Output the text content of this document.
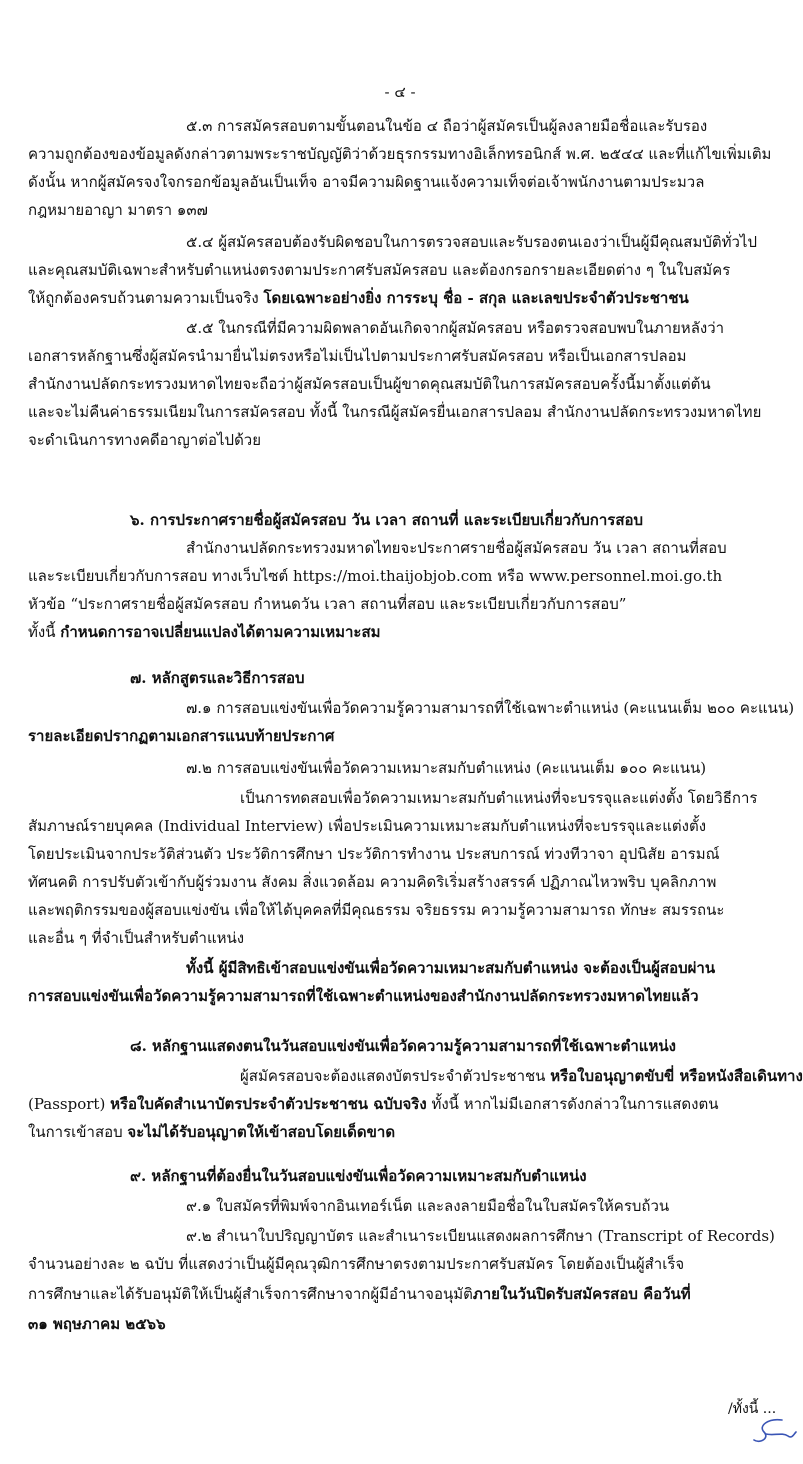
- ๔ -
๕.๓ การสมัครสอบตามขั้นตอนในข้อ ๔ ถือว่าผู้สมัครเป็นผู้ลงลายมือชื่อและรับรอง
ความถูกต้องของข้อมูลดังกล่าวตามพระราชบัญญัติว่าด้วยธุรกรรมทางอิเล็กทรอนิกส์ พ.ศ. ๒๕๔๔ และที่แก้ไขเพิ่มเติม
ดังนั้น หากผู้สมัครจงใจกรอกข้อมูลอันเป็นเท็จ อาจมีความผิดฐานแจ้งความเท็จต่อเจ้าพนักงานตามประมวล
กฎหมายอาญา มาตรา ๑๓๗
๕.๔ ผู้สมัครสอบต้องรับผิดชอบในการตรวจสอบและรับรองตนเองว่าเป็นผู้มีคุณสมบัติทั่วไป
และคุณสมบัติเฉพาะสำหรับตำแหน่งตรงตามประกาศรับสมัครสอบ และต้องกรอกรายละเอียดต่าง ๆ ในใบสมัคร
ให้ถูกต้องครบถ้วนตามความเป็นจริง โดยเฉพาะอย่างยิ่ง การระบุ ชื่อ - สกุล และเลขประจำตัวประชาชน
๕.๕ ในกรณีที่มีความผิดพลาดอันเกิดจากผู้สมัครสอบ หรือตรวจสอบพบในภายหลังว่า
เอกสารหลักฐานซึ่งผู้สมัครนำมายื่นไม่ตรงหรือไม่เป็นไปตามประกาศรับสมัครสอบ หรือเป็นเอกสารปลอม
สำนักงานปลัดกระทรวงมหาดไทยจะถือว่าผู้สมัครสอบเป็นผู้ขาดคุณสมบัติในการสมัครสอบครั้งนี้มาตั้งแต่ต้น
และจะไม่คืนค่าธรรมเนียมในการสมัครสอบ ทั้งนี้ ในกรณีผู้สมัครยื่นเอกสารปลอม สำนักงานปลัดกระทรวงมหาดไทย
จะดำเนินการทางคดีอาญาต่อไปด้วย
๖. การประกาศรายชื่อผู้สมัครสอบ วัน เวลา สถานที่ และระเบียบเกี่ยวกับการสอบ
สำนักงานปลัดกระทรวงมหาดไทยจะประกาศรายชื่อผู้สมัครสอบ วัน เวลา สถานที่สอบ
และระเบียบเกี่ยวกับการสอบ ทางเว็บไซต์ https://moi.thaijobjob.com หรือ www.personnel.moi.go.th
หัวข้อ “ประกาศรายชื่อผู้สมัครสอบ กำหนดวัน เวลา สถานที่สอบ และระเบียบเกี่ยวกับการสอบ”
ทั้งนี้ กำหนดการอาจเปลี่ยนแปลงได้ตามความเหมาะสม
๗. หลักสูตรและวิธีการสอบ
๗.๑ การสอบแข่งขันเพื่อวัดความรู้ความสามารถที่ใช้เฉพาะตำแหน่ง (คะแนนเต็ม ๒๐๐ คะแนน)
รายละเอียดปรากฏตามเอกสารแนบท้ายประกาศ
๗.๒ การสอบแข่งขันเพื่อวัดความเหมาะสมกับตำแหน่ง (คะแนนเต็ม ๑๐๐ คะแนน)
เป็นการทดสอบเพื่อวัดความเหมาะสมกับตำแหน่งที่จะบรรจุและแต่งตั้ง โดยวิธีการ
สัมภาษณ์รายบุคคล (Individual Interview) เพื่อประเมินความเหมาะสมกับตำแหน่งที่จะบรรจุและแต่งตั้ง
โดยประเมินจากประวัติส่วนตัว ประวัติการศึกษา ประวัติการทำงาน ประสบการณ์ ท่วงทีวาจา อุปนิสัย อารมณ์
ทัศนคติ การปรับตัวเข้ากับผู้ร่วมงาน สังคม สิ่งแวดล้อม ความคิดริเริ่มสร้างสรรค์ ปฏิภาณไหวพริบ บุคลิกภาพ
และพฤติกรรมของผู้สอบแข่งขัน เพื่อให้ได้บุคคลที่มีคุณธรรม จริยธรรม ความรู้ความสามารถ ทักษะ สมรรถนะ
และอื่น ๆ ที่จำเป็นสำหรับตำแหน่ง
ทั้งนี้ ผู้มีสิทธิเข้าสอบแข่งขันเพื่อวัดความเหมาะสมกับตำแหน่ง จะต้องเป็นผู้สอบผ่าน
การสอบแข่งขันเพื่อวัดความรู้ความสามารถที่ใช้เฉพาะตำแหน่งของสำนักงานปลัดกระทรวงมหาดไทยแล้ว
๘. หลักฐานแสดงตนในวันสอบแข่งขันเพื่อวัดความรู้ความสามารถที่ใช้เฉพาะตำแหน่ง
ผู้สมัครสอบจะต้องแสดงบัตรประจำตัวประชาชน หรือใบอนุญาตขับขี่ หรือหนังสือเดินทาง
(Passport) หรือใบคัดสำเนาบัตรประจำตัวประชาชน ฉบับจริง ทั้งนี้ หากไม่มีเอกสารดังกล่าวในการแสดงตน
ในการเข้าสอบ จะไม่ได้รับอนุญาตให้เข้าสอบโดยเด็ดขาด
๙. หลักฐานที่ต้องยื่นในวันสอบแข่งขันเพื่อวัดความเหมาะสมกับตำแหน่ง
๙.๑ ใบสมัครที่พิมพ์จากอินเทอร์เน็ต และลงลายมือชื่อในใบสมัครให้ครบถ้วน
๙.๒ สำเนาใบปริญญาบัตร และสำเนาระเบียนแสดงผลการศึกษา (Transcript of Records)
จำนวนอย่างละ ๒ ฉบับ ที่แสดงว่าเป็นผู้มีคุณวุฒิการศึกษาตรงตามประกาศรับสมัคร โดยต้องเป็นผู้สำเร็จ
การศึกษาและได้รับอนุมัติให้เป็นผู้สำเร็จการศึกษาจากผู้มีอำนาจอนุมัติภายในวันปิดรับสมัครสอบ คือวันที่
๓๑ พฤษภาคม ๒๕๖๖
/ทั้งนี้ ...
